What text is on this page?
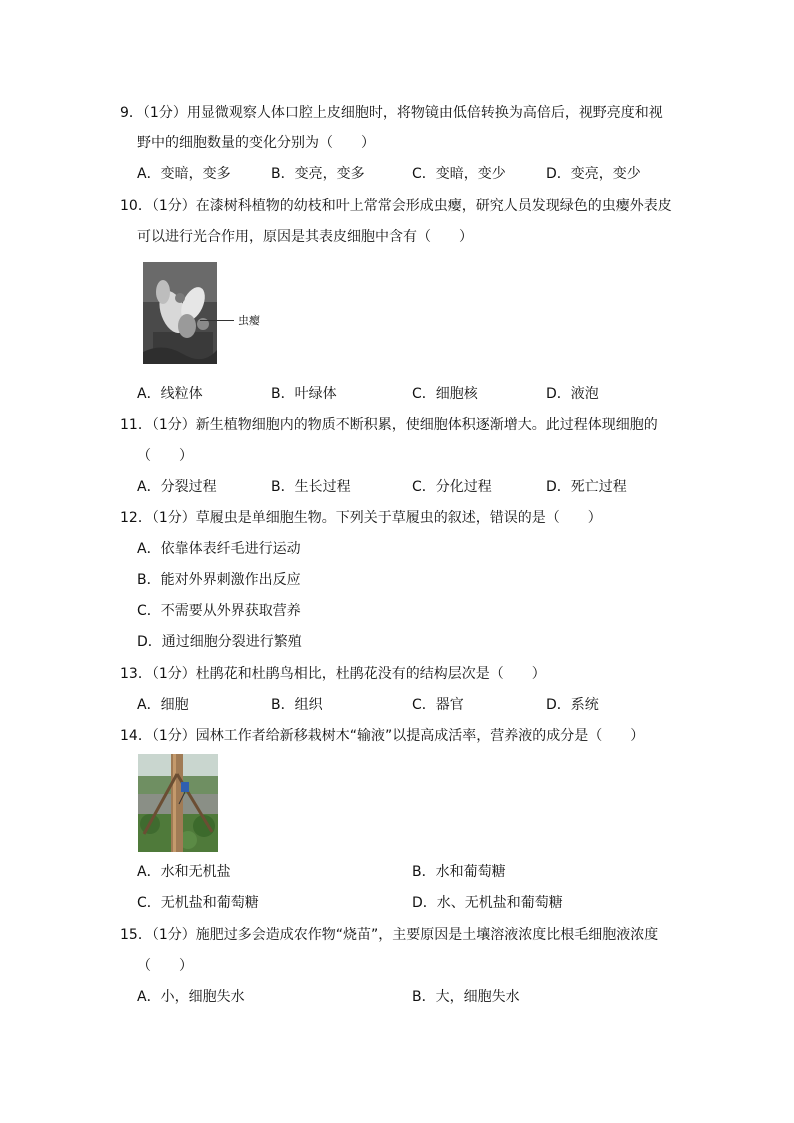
9．（1分）用显微观察人体口腔上皮细胞时，将物镜由低倍转换为高倍后，视野亮度和视
野中的细胞数量的变化分别为（　　）
A．变暗，变多	B．变亮，变多	C．变暗，变少	D．变亮，变少
10．（1分）在漆树科植物的幼枝和叶上常常会形成虫瘿，研究人员发现绿色的虫瘿外表皮
可以进行光合作用，原因是其表皮细胞中含有（　　）
虫瘿
A．线粒体	B．叶绿体	C．细胞核	D．液泡
11．（1分）新生植物细胞内的物质不断积累，使细胞体积逐渐增大。此过程体现细胞的
（　　）
A．分裂过程	B．生长过程	C．分化过程	D．死亡过程
12．（1分）草履虫是单细胞生物。下列关于草履虫的叙述，错误的是（　　）
A．依靠体表纤毛进行运动
B．能对外界刺激作出反应
C．不需要从外界获取营养
D．通过细胞分裂进行繁殖
13．（1分）杜鹃花和杜鹃鸟相比，杜鹃花没有的结构层次是（　　）
A．细胞	B．组织	C．器官	D．系统
14．（1分）园林工作者给新移栽树木“输液”以提高成活率，营养液的成分是（　　）
A．水和无机盐	B．水和葡萄糖
C．无机盐和葡萄糖	D．水、无机盐和葡萄糖
15．（1分）施肥过多会造成农作物“烧苗”，主要原因是土壤溶液浓度比根毛细胞液浓度
（　　）
A．小，细胞失水	B．大，细胞失水
